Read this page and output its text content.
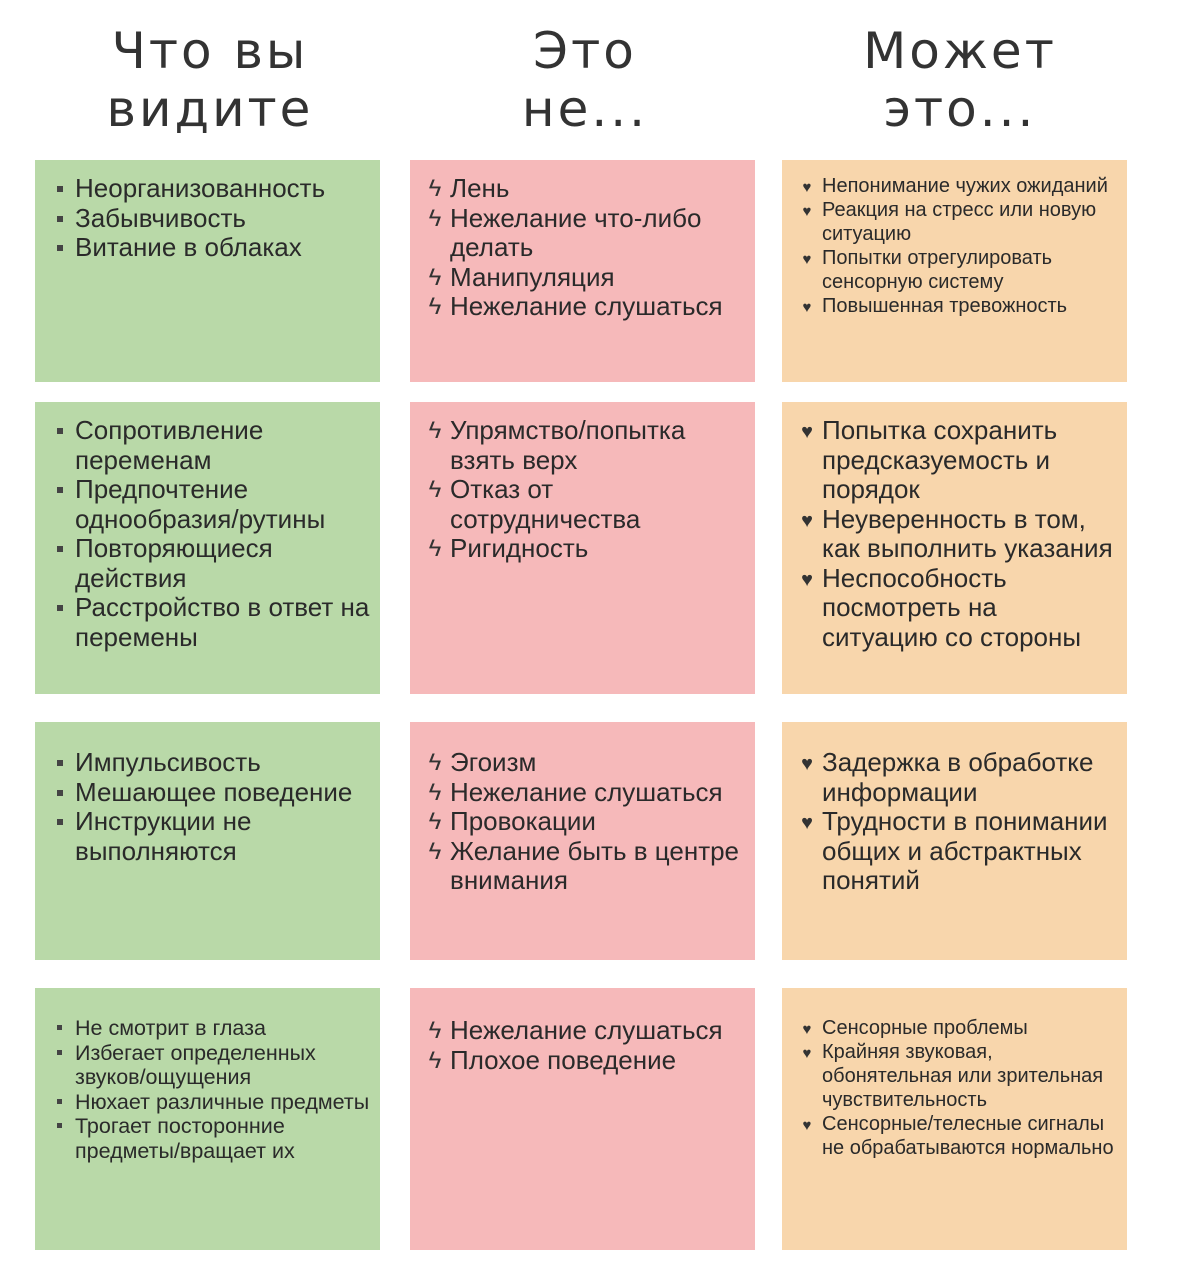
Что вы
видите
Это
не...
Может
это...
Неорганизованность
Забывчивость
Витание в облаках
ϟ Лень
ϟ Нежелание что-либо делать
ϟ Манипуляция
ϟ Нежелание слушаться
♥ Непонимание чужих ожиданий
♥ Реакция на стресс или новую ситуацию
♥ Попытки отрегулировать сенсорную систему
♥ Повышенная тревожность
Сопротивление переменам
Предпочтение однообразия/рутины
Повторяющиеся действия
Расстройство в ответ на перемены
ϟ Упрямство/попытка взять верх
ϟ Отказ от сотрудничества
ϟ Ригидность
♥ Попытка сохранить предсказуемость и порядок
♥ Неуверенность в том, как выполнить указания
♥ Неспособность посмотреть на ситуацию со стороны
Импульсивость
Мешающее поведение
Инструкции не выполняются
ϟ Эгоизм
ϟ Нежелание слушаться
ϟ Провокации
ϟ Желание быть в центре внимания
♥ Задержка в обработке информации
♥ Трудности в понимании общих и абстрактных понятий
Не смотрит в глаза
Избегает определенных звуков/ощущения
Нюхает различные предметы
Трогает посторонние предметы/вращает их
ϟ Нежелание слушаться
ϟ Плохое поведение
♥ Сенсорные проблемы
♥ Крайняя звуковая, обонятельная или зрительная чувствительность
♥ Сенсорные/телесные сигналы не обрабатываются нормально
